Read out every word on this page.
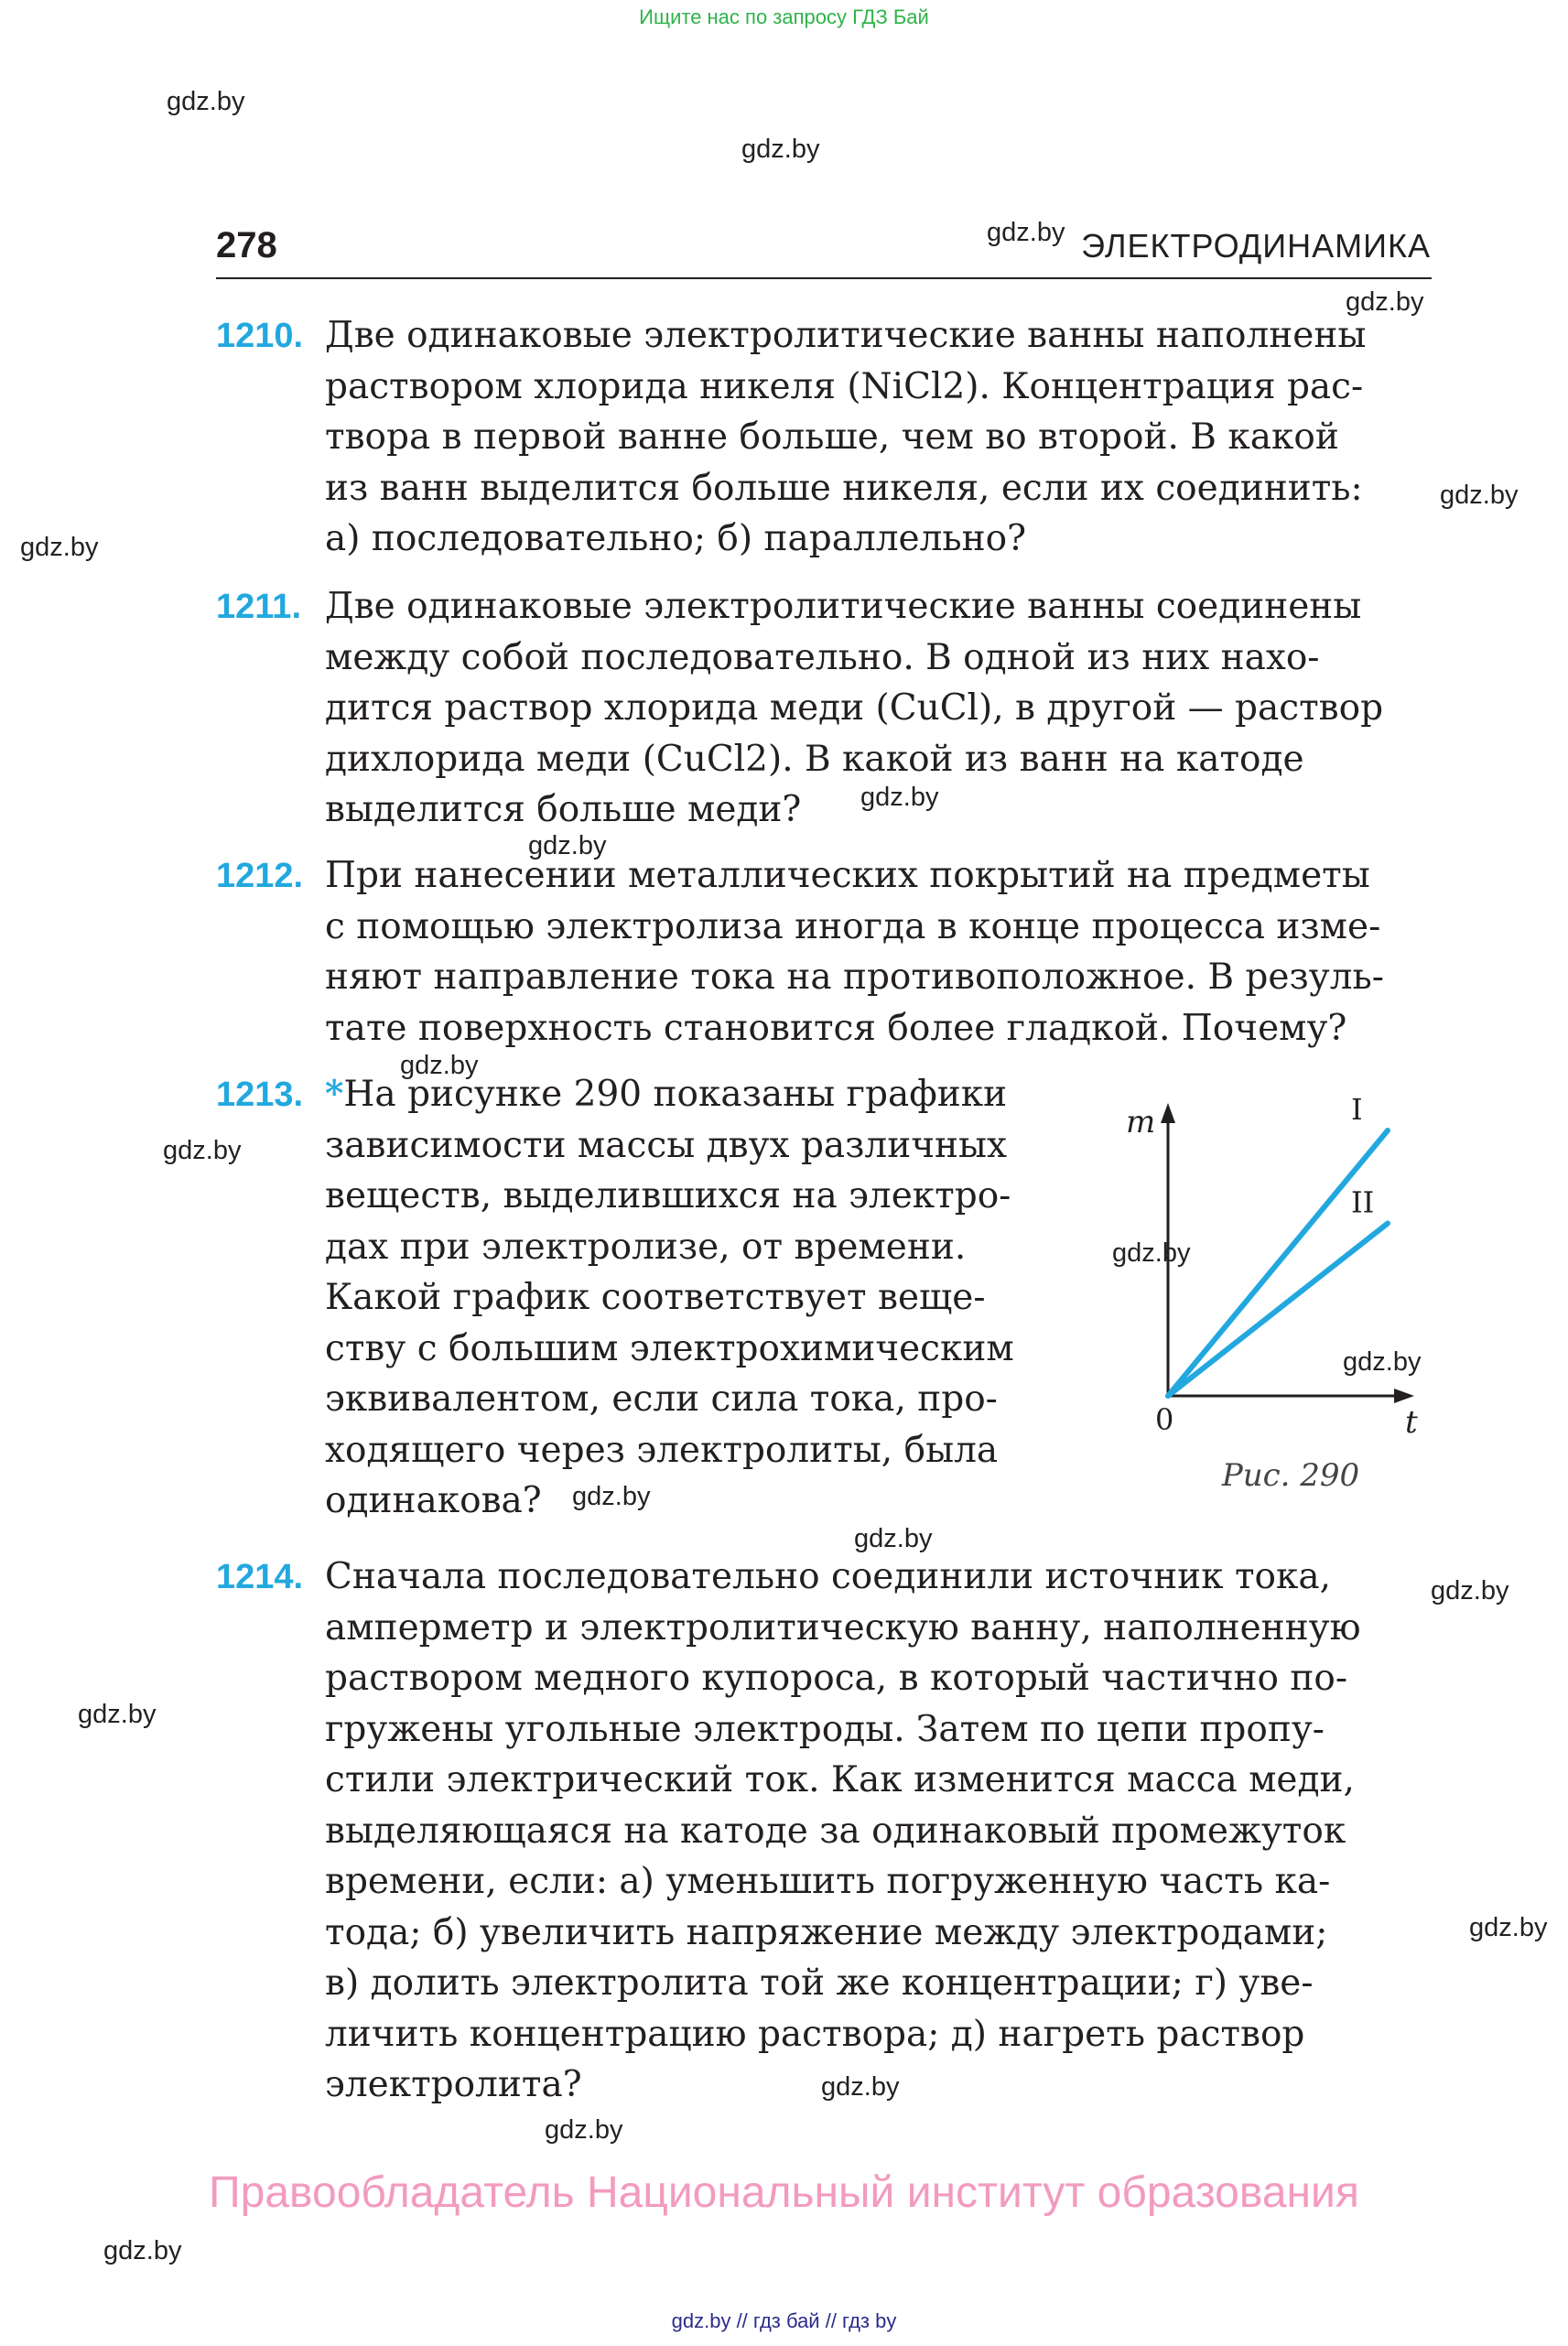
Ищите нас по запросу ГДЗ Бай
278	ЭЛЕКТРОДИНАМИКА
1210. Две одинаковые электролитические ванны наполнены
раствором хлорида никеля (NiCl2). Концентрация рас-
твора в первой ванне больше, чем во второй. В какой
из ванн выделится больше никеля, если их соединить:
а) последовательно; б) параллельно?
1211. Две одинаковые электролитические ванны соединены
между собой последовательно. В одной из них нахо-
дится раствор хлорида меди (CuCl), в другой — раствор
дихлорида меди (CuCl2). В какой из ванн на катоде
выделится больше меди?
1212. При нанесении металлических покрытий на предметы
с помощью электролиза иногда в конце процесса изме-
няют направление тока на противоположное. В резуль-
тате поверхность становится более гладкой. Почему?
1213. *На рисунке 290 показаны графики
зависимости массы двух различных
веществ, выделившихся на электро-
дах при электролизе, от времени.
Какой график соответствует веще-
ству с большим электрохимическим
эквивалентом, если сила тока, про-
ходящего через электролиты, была
одинакова?
m
t
0
Рис. 290
I
II
1214. Сначала последовательно соединили источник тока,
амперметр и электролитическую ванну, наполненную
раствором медного купороса, в который частично по-
гружены угольные электроды. Затем по цепи пропу-
стили электрический ток. Как изменится масса меди,
выделяющаяся на катоде за одинаковый промежуток
времени, если: а) уменьшить погруженную часть ка-
тода; б) увеличить напряжение между электродами;
в) долить электролита той же концентрации; г) уве-
личить концентрацию раствора; д) нагреть раствор
электролита?
gdz.by
gdz.by
gdz.by
gdz.by
gdz.by
gdz.by
gdz.by
gdz.by
gdz.by
gdz.by
gdz.by
gdz.by
gdz.by
gdz.by
gdz.by
gdz.by
gdz.by
gdz.by
gdz.by
gdz.by
Правообладатель Национальный институт образования
gdz.by // гдз бай // гдз by
